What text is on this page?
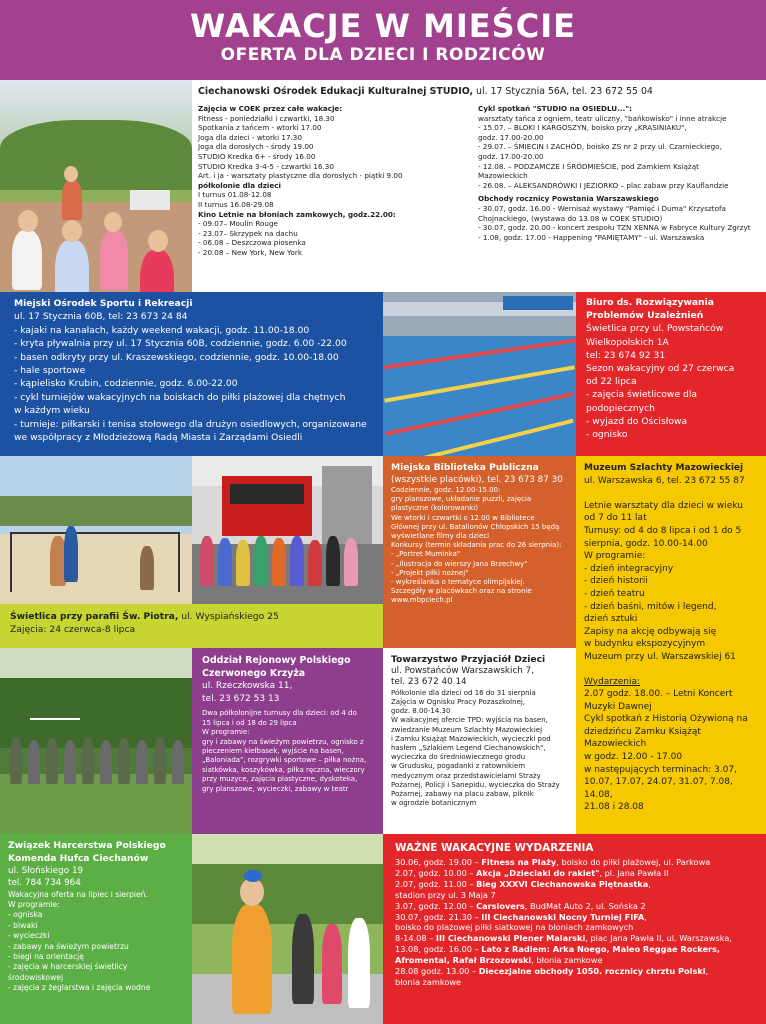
WAKACJE W MIEŚCIE
OFERTA DLA DZIECI I RODZICÓW
Ciechanowski Ośrodek Edukacji Kulturalnej STUDIO, ul. 17 Stycznia 56A, tel. 23 672 55 04
Zajęcia w COEK przez całe wakacje:
Fitness - poniedziałki i czwartki, 18.30
Spotkania z tańcem - wtorki 17.00
Joga dla dzieci - wtorki 17.30
Joga dla dorosłych - środy 19.00
STUDIO Kredka 6+ - środy 16.00
STUDIO Kredka 3-4-5 - czwartki 16.30
Art. i ja - warsztaty plastyczne dla dorosłych - piątki 9.00
półkolonie dla dzieci
I turnus 01.08-12.08
II turnus 16.08-29.08
Kino Letnie na błoniach zamkowych, godz.22.00:
- 09.07– Moulin Rouge
- 23.07– Skrzypek na dachu
- 06.08 – Deszczowa piosenka
- 20.08 – New York, New York
Cykl spotkań "STUDIO na OSIEDLU...":
warsztaty tańca z ogniem, teatr uliczny, "bańkowisko" i inne atrakcje
- 15.07. – BLOKI I KARGOSZYN, boisko przy „KRASINIAKU",
godz. 17.00-20.00
- 29.07. – ŚMIECIN I ZACHÓD, boisko ZS nr 2 przy ul. Czarnieckiego,
godz. 17.00-20.00
- 12.08. – PODZAMCZE I ŚRÓDMIEŚCIE, pod Zamkiem Książąt
Mazowieckich
- 26.08. – ALEKSANDRÓWKI I JEZIORKO – plac zabaw przy Kauflandzie
Obchody rocznicy Powstania Warszawskiego
- 30.07, godz. 16.00 - Wernisaż wystawy "Pamięć i Duma" Krzysztofa
Chojnackiego, (wystawa do 13.08 w COEK STUDIO)
- 30.07, godz. 20.00 - koncert zespołu TZN XENNA w Fabryce Kultury Zgrzyt
- 1.08, godz. 17.00 - Happening "PAMIĘTAMY" - ul. Warszawska
Miejski Ośrodek Sportu i Rekreacji
ul. 17 Stycznia 60B, tel: 23 673 24 84
- kajaki na kanałach, każdy weekend wakacji, godz. 11.00-18.00
- kryta pływalnia przy ul. 17 Stycznia 60B, codziennie, godz. 6.00 -22.00
- basen odkryty przy ul. Kraszewskiego, codziennie, godz. 10.00-18.00
- hale sportowe
- kąpielisko Krubin, codziennie, godz. 6.00-22.00
- cykl turniejów wakacyjnych na boiskach do piłki plażowej dla chętnych
w każdym wieku
- turnieje: piłkarski i tenisa stołowego dla drużyn osiedlowych, organizowane
we współpracy z Młodzieżową Radą Miasta i Zarządami Osiedli
Biuro ds. Rozwiązywania Problemów Uzależnień
Świetlica przy ul. Powstańców
Wielkopolskich 1A
tel: 23 674 92 31
Sezon wakacyjny od 27 czerwca
od 22 lipca
- zajęcia świetlicowe dla
podopiecznych
- wyjazd do Ościsłowa
- ognisko
Miejska Biblioteka Publiczna
(wszystkie placówki), tel. 23 673 87 30
Codziennie, godz. 12.00-15.00:
gry planszowe, układanie puzzli, zajęcia
plastyczne (kolorowanki)
We wtorki i czwartki o 12.00 w Bibliotece
Głównej przy ul. Batalionów Chłopskich 15 będą
wyświetlane filmy dla dzieci
Konkursy (termin składania prac do 26 sierpnia):
- „Portret Muminka"
- „Ilustracja do wierszy Jana Brzechwy"
- „Projekt piłki nożnej"
- wykreślanka o tematyce olimpijskiej.
Szczegóły w placówkach oraz na stronie
www.mbpciech.pl
Muzeum Szlachty Mazowieckiej
ul. Warszawska 6, tel. 23 672 55 87

Letnie warsztaty dla dzieci w wieku
od 7 do 11 lat
Turnusy: od 4 do 8 lipca i od 1 do 5
sierpnia, godz. 10.00-14.00
W programie:
- dzień integracyjny
- dzień historii
- dzień teatru
- dzień baśni, mitów i legend,
dzień sztuki
Zapisy na akcję odbywają się
w budynku ekspozycyjnym
Muzeum przy ul. Warszawskiej 61
Wydarzenia:
2.07 godz. 18.00. – Letni Koncert
Muzyki Dawnej
Cykl spotkań z Historią Ożywioną na
dziedzińcu Zamku Książąt
Mazowieckich
w godz. 12.00 - 17.00
w następujących terminach: 3.07,
10.07, 17.07, 24.07, 31.07, 7.08, 14.08,
21.08 i 28.08
Świetlica przy parafii Św. Piotra, ul. Wyspiańskiego 25
Zajęcia: 24 czerwca-8 lipca
Oddział Rejonowy Polskiego Czerwonego Krzyża
ul. Rzeczkowska 11,
tel. 23 672 53 13
Dwa półkolonijne turnusy dla dzieci: od 4 do
15 lipca i od 18 do 29 lipca
W programie:
gry i zabawy na świeżym powietrzu, ognisko z
pieczeniem kiełbasek, wyjście na basen,
„Baloniada", rozgrywki sportowe – piłka nożna,
siatkówka, koszykówka, piłka ręczna, wieczory
przy muzyce, zajęcia plastyczne, dyskoteka,
gry planszowe, wycieczki, zabawy w teatr
Towarzystwo Przyjaciół Dzieci
ul. Powstańców Warszawskich 7,
tel. 23 672 40 14
Półkolonie dla dzieci od 16 do 31 sierpnia
Zajęcia w Ognisku Pracy Pozaszkolnej,
godz. 8.00-14.30
W wakacyjnej ofercie TPD: wyjścia na basen,
zwiedzanie Muzeum Szlachty Mazowieckiej
i Zamku Książąt Mazowieckich, wycieczki pod
hasłem „Szlakiem Legend Ciechanowskich",
wycieczka do średniowiecznego grodu
w Grudusku, pogadanki z ratownikiem
medycznym oraz przedstawicielami Straży
Pożarnej, Policji i Sanepidu, wycieczka do Straży
Pożarnej, zabawy na placu zabaw, piknik
w ogrodzie botanicznym
Związek Harcerstwa Polskiego Komenda Hufca Ciechanów
ul. Słońskiego 19
tel. 784 734 964
Wakacyjna oferta na lipiec i sierpień.
W programie:
- ogniska
- biwaki
- wycieczki
- zabawy na świeżym powietrzu
- biegi na orientację
- zajęcia w harcerskiej świetlicy
środowiskowej
- zajęcia z żeglarstwa i zajęcia wodne
WAŻNE WAKACYJNE WYDARZENIA
30.06, godz. 19.00 – Fitness na Plaży, boisko do piłki plażowej, ul. Parkowa
2.07, godz. 10.00 – Akcja „Dzieciaki do rakiet", pl. Jana Pawła II
2.07, godz. 11.00 – Bieg XXXVI Ciechanowska Piętnastka,
stadion przy ul. 3 Maja 7
3.07, godz. 12.00 – Carslovers, BudMat Auto 2, ul. Sońska 2
30.07, godz. 21.30 – III Ciechanowski Nocny Turniej FIFA,
boisko do plażowej piłki siatkowej na błoniach zamkowych
8-14.08 – III Ciechanowski Plener Malarski, plac Jana Pawła II, ul. Warszawska,
13.08, godz. 16.00 – Lato z Radiem: Arka Noego, Maleo Reggae Rockers,
Afromental, Rafał Brzozowski, błonia zamkowe
28.08 godz. 13.00 – Diecezjalne obchody 1050. rocznicy chrztu Polski,
błonia zamkowe
